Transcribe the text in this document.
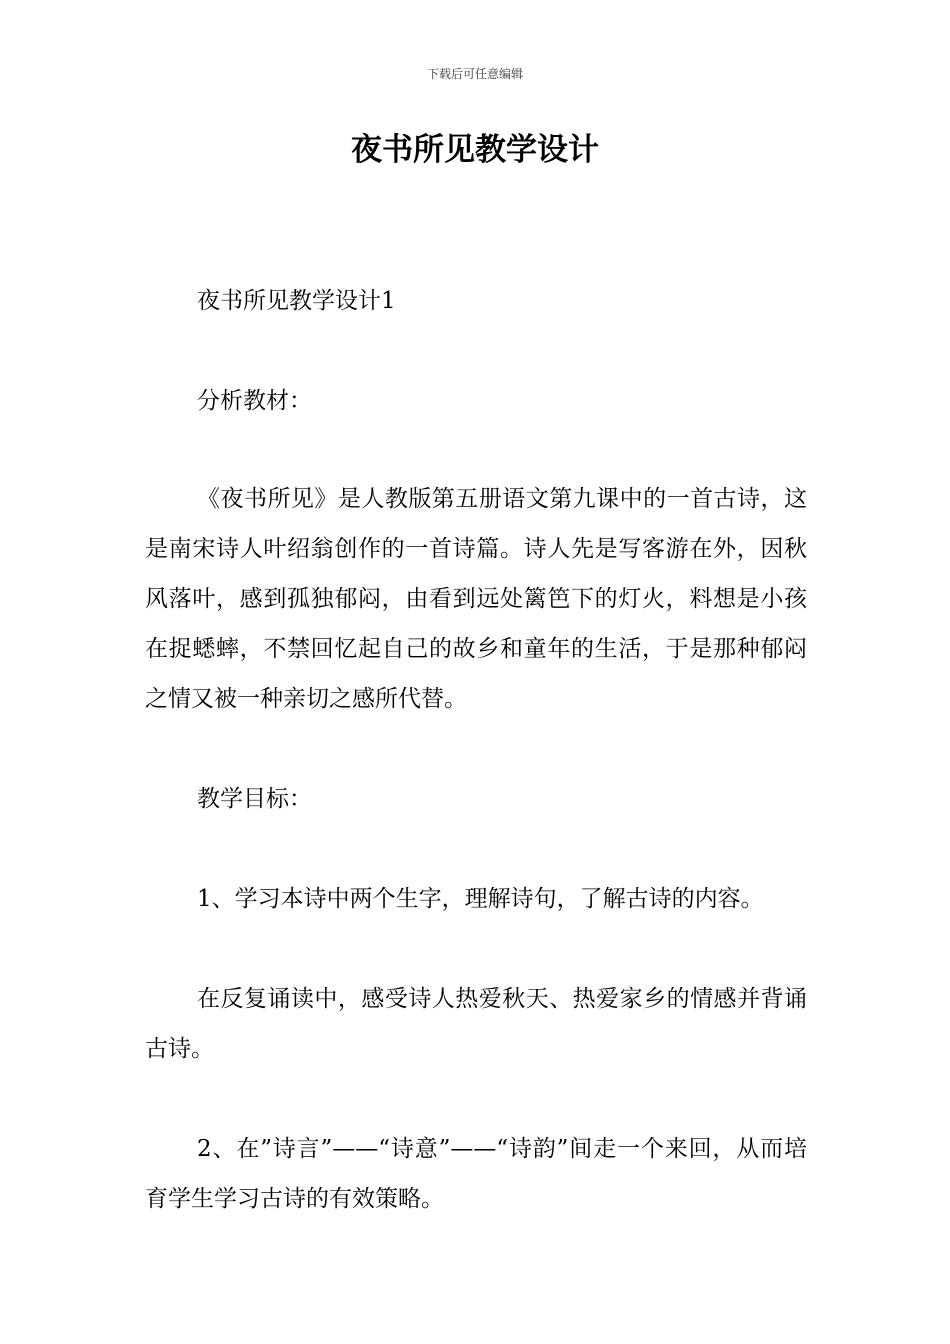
下载后可任意编辑
夜书所见教学设计

夜书所见教学设计1

分析教材：

《夜书所见》是人教版第五册语文第九课中的一首古诗，这是南宋诗人叶绍翁创作的一首诗篇。诗人先是写客游在外，因秋风落叶，感到孤独郁闷，由看到远处篱笆下的灯火，料想是小孩在捉蟋蟀，不禁回忆起自己的故乡和童年的生活，于是那种郁闷之情又被一种亲切之感所代替。

教学目标：

1、学习本诗中两个生字，理解诗句，了解古诗的内容。

在反复诵读中，感受诗人热爱秋天、热爱家乡的情感并背诵古诗。

2、在”诗言”——“诗意”——“诗韵”间走一个来回，从而培育学生学习古诗的有效策略。
